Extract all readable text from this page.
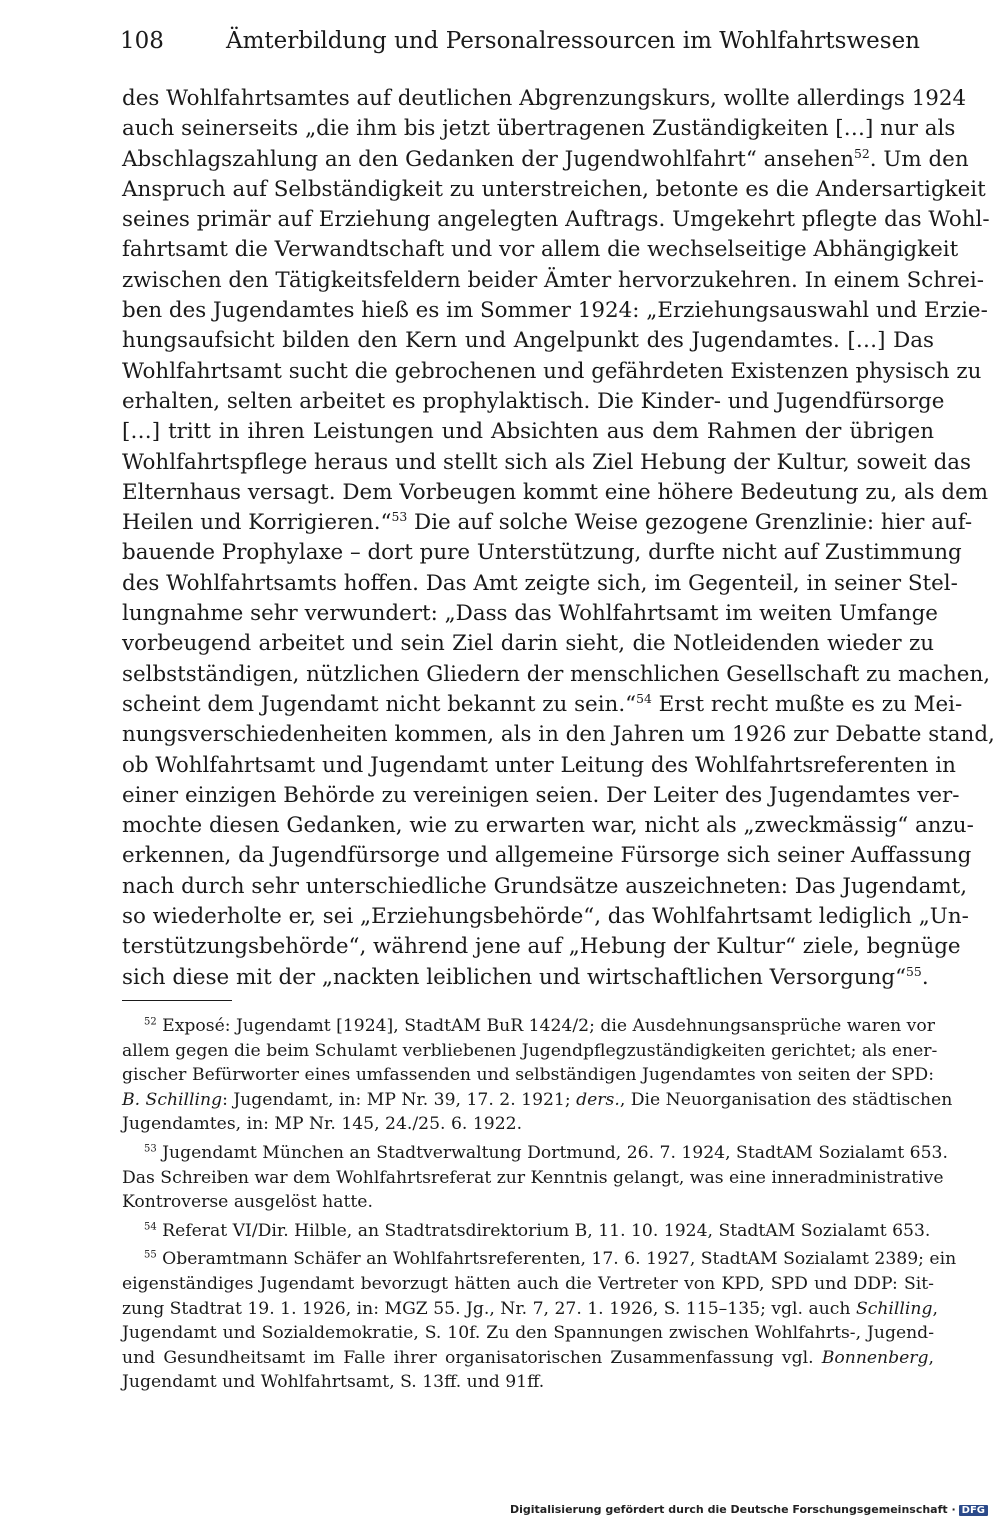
108	Ämterbildung und Personalressourcen im Wohlfahrtswesen
des Wohlfahrtsamtes auf deutlichen Abgrenzungskurs, wollte allerdings 1924
auch seinerseits „die ihm bis jetzt übertragenen Zuständigkeiten […] nur als
Abschlagszahlung an den Gedanken der Jugendwohlfahrt“ ansehen$^{52}$. Um den
Anspruch auf Selbständigkeit zu unterstreichen, betonte es die Andersartigkeit
seines primär auf Erziehung angelegten Auftrags. Umgekehrt pflegte das Wohl-
fahrtsamt die Verwandtschaft und vor allem die wechselseitige Abhängigkeit
zwischen den Tätigkeitsfeldern beider Ämter hervorzukehren. In einem Schrei-
ben des Jugendamtes hieß es im Sommer 1924: „Erziehungsauswahl und Erzie-
hungsaufsicht bilden den Kern und Angelpunkt des Jugendamtes. […] Das
Wohlfahrtsamt sucht die gebrochenen und gefährdeten Existenzen physisch zu
erhalten, selten arbeitet es prophylaktisch. Die Kinder- und Jugendfürsorge
[…] tritt in ihren Leistungen und Absichten aus dem Rahmen der übrigen
Wohlfahrtspflege heraus und stellt sich als Ziel Hebung der Kultur, soweit das
Elternhaus versagt. Dem Vorbeugen kommt eine höhere Bedeutung zu, als dem
Heilen und Korrigieren.“$^{53}$ Die auf solche Weise gezogene Grenzlinie: hier auf-
bauende Prophylaxe – dort pure Unterstützung, durfte nicht auf Zustimmung
des Wohlfahrtsamts hoffen. Das Amt zeigte sich, im Gegenteil, in seiner Stel-
lungnahme sehr verwundert: „Dass das Wohlfahrtsamt im weiten Umfange
vorbeugend arbeitet und sein Ziel darin sieht, die Notleidenden wieder zu
selbstständigen, nützlichen Gliedern der menschlichen Gesellschaft zu machen,
scheint dem Jugendamt nicht bekannt zu sein.“$^{54}$ Erst recht mußte es zu Mei-
nungsverschiedenheiten kommen, als in den Jahren um 1926 zur Debatte stand,
ob Wohlfahrtsamt und Jugendamt unter Leitung des Wohlfahrtsreferenten in
einer einzigen Behörde zu vereinigen seien. Der Leiter des Jugendamtes ver-
mochte diesen Gedanken, wie zu erwarten war, nicht als „zweckmässig“ anzu-
erkennen, da Jugendfürsorge und allgemeine Fürsorge sich seiner Auffassung
nach durch sehr unterschiedliche Grundsätze auszeichneten: Das Jugendamt,
so wiederholte er, sei „Erziehungsbehörde“, das Wohlfahrtsamt lediglich „Un-
terstützungsbehörde“, während jene auf „Hebung der Kultur“ ziele, begnüge
sich diese mit der „nackten leiblichen und wirtschaftlichen Versorgung“$^{55}$.
$^{52}$ Exposé: Jugendamt [1924], StadtAM BuR 1424/2; die Ausdehnungsansprüche waren vor
allem gegen die beim Schulamt verbliebenen Jugendpflegzuständigkeiten gerichtet; als ener-
gischer Befürworter eines umfassenden und selbständigen Jugendamtes von seiten der SPD:
B. Schilling: Jugendamt, in: MP Nr. 39, 17. 2. 1921; ders., Die Neuorganisation des städtischen
Jugendamtes, in: MP Nr. 145, 24./25. 6. 1922.
$^{53}$ Jugendamt München an Stadtverwaltung Dortmund, 26. 7. 1924, StadtAM Sozialamt 653.
Das Schreiben war dem Wohlfahrtsreferat zur Kenntnis gelangt, was eine inneradministrative
Kontroverse ausgelöst hatte.
$^{54}$ Referat VI/Dir. Hilble, an Stadtratsdirektorium B, 11. 10. 1924, StadtAM Sozialamt 653.
$^{55}$ Oberamtmann Schäfer an Wohlfahrtsreferenten, 17. 6. 1927, StadtAM Sozialamt 2389; ein
eigenständiges Jugendamt bevorzugt hätten auch die Vertreter von KPD, SPD und DDP: Sit-
zung Stadtrat 19. 1. 1926, in: MGZ 55. Jg., Nr. 7, 27. 1. 1926, S. 115–135; vgl. auch Schilling,
Jugendamt und Sozialdemokratie, S. 10f. Zu den Spannungen zwischen Wohlfahrts-, Jugend-
und Gesundheitsamt im Falle ihrer organisatorischen Zusammenfassung vgl. Bonnenberg,
Jugendamt und Wohlfahrtsamt, S. 13ff. und 91ff.
Digitalisierung gefördert durch die Deutsche Forschungsgemeinschaft · DFG
